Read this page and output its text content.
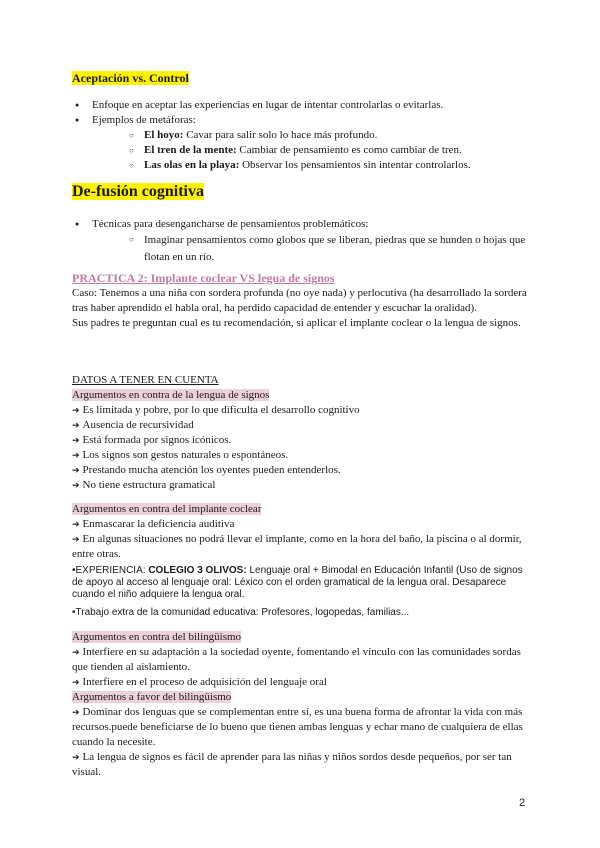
Aceptación vs. Control
● Enfoque en aceptar las experiencias en lugar de intentar controlarlas o evitarlas.
● Ejemplos de metáforas:
○ El hoyo: Cavar para salir solo lo hace más profundo.
○ El tren de la mente: Cambiar de pensamiento es como cambiar de tren.
○ Las olas en la playa: Observar los pensamientos sin intentar controlarlos.
De-fusión cognitiva
● Técnicas para desengancharse de pensamientos problemáticos:
○ Imaginar pensamientos como globos que se liberan, piedras que se hunden o hojas que flotan en un río.
PRACTICA 2: Implante coclear VS legua de signos
Caso: Tenemos a una niña con sordera profunda (no oye nada) y perlocutiva (ha desarrollado la sordera tras haber aprendido el habla oral, ha perdido capacidad de entender y escuchar la oralidad).
Sus padres te preguntan cual es tu recomendación, si aplicar el implante coclear o la lengua de signos.
DATOS A TENER EN CUENTA
Argumentos en contra de la lengua de signos
➔ Es limitada y pobre, por lo que dificulta el desarrollo cognitivo
➔ Ausencia de recursividad
➔ Está formada por signos icónicos.
➔ Los signos son gestos naturales o espontáneos.
➔ Prestando mucha atención los oyentes pueden entenderlos.
➔ No tiene estructura gramatical
Argumentos en contra del implante coclear
➔ Enmascarar la deficiencia auditiva
➔ En algunas situaciones no podrá llevar el implante, como en la hora del baño, la piscina o al dormir, entre otras.
•EXPERIENCIA: COLEGIO 3 OLIVOS: Lenguaje oral + Bimodal en Educación Infantil (Uso de signos de apoyo al acceso al lenguaje oral: Léxico con el orden gramatical de la lengua oral. Desaparece cuando el niño adquiere la lengua oral.
•Trabajo extra de la comunidad educativa: Profesores, logopedas, familias...
Argumentos en contra del bilingüismo
➔ Interfiere en su adaptación a la sociedad oyente, fomentando el vínculo con las comunidades sordas que tienden al aislamiento.
➔ Interfiere en el proceso de adquisición del lenguaje oral
Argumentos a favor del bilingüismo
➔ Dominar dos lenguas que se complementan entre sí, es una buena forma de afrontar la vida con más recursos.puede beneficiarse de lo bueno que tienen ambas lenguas y echar mano de cualquiera de ellas cuando la necesite.
➔ La lengua de signos es fácil de aprender para las niñas y niños sordos desde pequeños, por ser tan visual.
2
